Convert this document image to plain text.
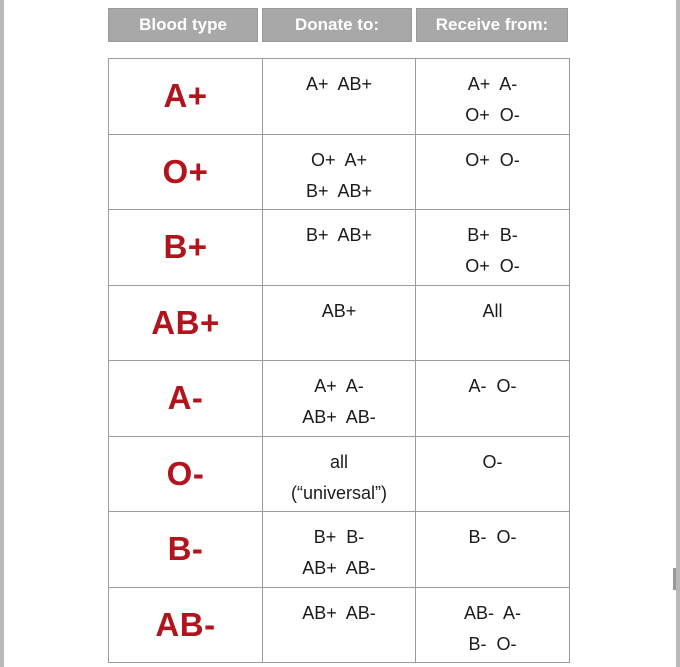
Blood type	Donate to:	Receive from:
A+	A+  AB+	A+  A-
O+  O-

O+	O+  A+
B+  AB+	O+  O-

B+	B+  AB+	B+  B-
O+  O-

AB+	AB+	All

A-	A+  A-
AB+  AB-	A-  O-

O-	all
(“universal”)	O-

B-	B+  B-
AB+  AB-	B-  O-

AB-	AB+  AB-	AB-  A-
B-  O-
